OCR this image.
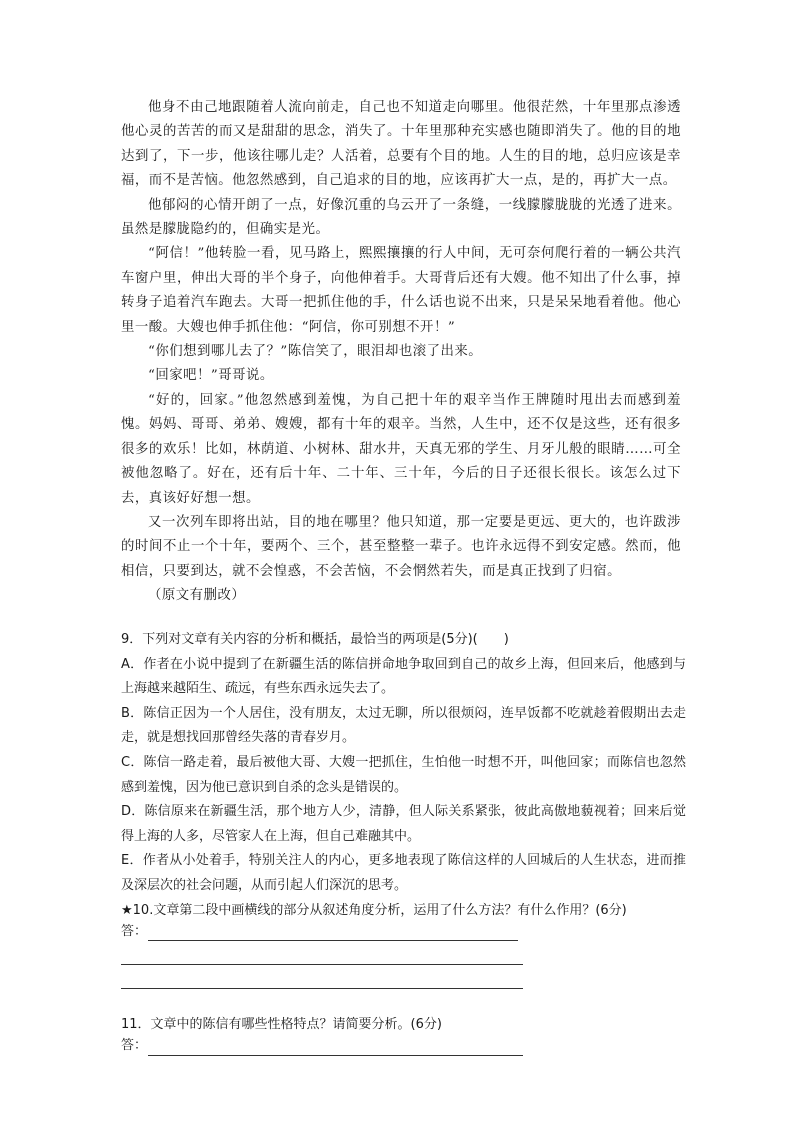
他身不由己地跟随着人流向前走，自己也不知道走向哪里。他很茫然，十年里那点渗透他心灵的苦苦的而又是甜甜的思念，消失了。十年里那种充实感也随即消失了。他的目的地达到了，下一步，他该往哪儿走？人活着，总要有个目的地。人生的目的地，总归应该是幸福，而不是苦恼。他忽然感到，自己追求的目的地，应该再扩大一点，是的，再扩大一点。

他郁闷的心情开朗了一点，好像沉重的乌云开了一条缝，一线朦朦胧胧的光透了进来。虽然是朦胧隐约的，但确实是光。

“阿信！”他转脸一看，见马路上，熙熙攘攘的行人中间，无可奈何爬行着的一辆公共汽车窗户里，伸出大哥的半个身子，向他伸着手。大哥背后还有大嫂。他不知出了什么事，掉转身子追着汽车跑去。大哥一把抓住他的手，什么话也说不出来，只是呆呆地看着他。他心里一酸。大嫂也伸手抓住他：“阿信，你可别想不开！”

“你们想到哪儿去了？”陈信笑了，眼泪却也滚了出来。

“回家吧！”哥哥说。

“好的，回家。”他忽然感到羞愧，为自己把十年的艰辛当作王牌随时甩出去而感到羞愧。妈妈、哥哥、弟弟、嫂嫂，都有十年的艰辛。当然，人生中，还不仅是这些，还有很多很多的欢乐！比如，林荫道、小树林、甜水井，天真无邪的学生、月牙儿般的眼睛……可全被他忽略了。好在，还有后十年、二十年、三十年，今后的日子还很长很长。该怎么过下去，真该好好想一想。

又一次列车即将出站，目的地在哪里？他只知道，那一定要是更远、更大的，也许跋涉的时间不止一个十年，要两个、三个，甚至整整一辈子。也许永远得不到安定感。然而，他相信，只要到达，就不会惶惑，不会苦恼，不会惘然若失，而是真正找到了归宿。

（原文有删改）

9．下列对文章有关内容的分析和概括，最恰当的两项是(5分)(　　)

A．作者在小说中提到了在新疆生活的陈信拼命地争取回到自己的故乡上海，但回来后，他感到与上海越来越陌生、疏远，有些东西永远失去了。

B．陈信正因为一个人居住，没有朋友，太过无聊，所以很烦闷，连早饭都不吃就趁着假期出去走走，就是想找回那曾经失落的青春岁月。

C．陈信一路走着，最后被他大哥、大嫂一把抓住，生怕他一时想不开，叫他回家；而陈信也忽然感到羞愧，因为他已意识到自杀的念头是错误的。

D．陈信原来在新疆生活，那个地方人少，清静，但人际关系紧张，彼此高傲地藐视着；回来后觉得上海的人多，尽管家人在上海，但自己难融其中。

E．作者从小处着手，特别关注人的内心，更多地表现了陈信这样的人回城后的人生状态，进而推及深层次的社会问题，从而引起人们深沉的思考。

★10.文章第二段中画横线的部分从叙述角度分析，运用了什么方法？有什么作用？(6分)

答：

11．文章中的陈信有哪些性格特点？请简要分析。(6分)

答：
